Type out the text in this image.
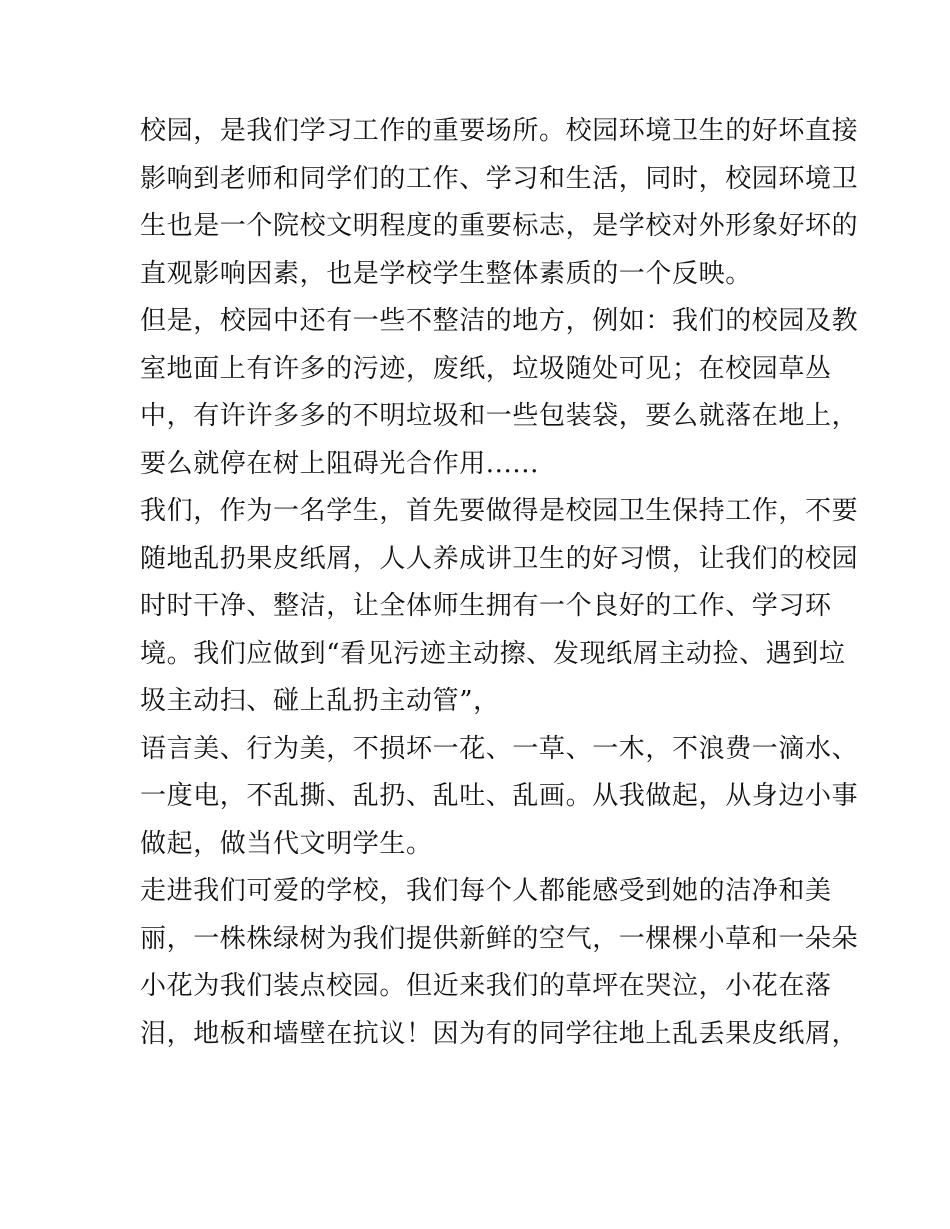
校园，是我们学习工作的重要场所。校园环境卫生的好坏直接
影响到老师和同学们的工作、学习和生活，同时，校园环境卫
生也是一个院校文明程度的重要标志，是学校对外形象好坏的
直观影响因素，也是学校学生整体素质的一个反映。
但是，校园中还有一些不整洁的地方，例如：我们的校园及教
室地面上有许多的污迹，废纸，垃圾随处可见；在校园草丛
中，有许许多多的不明垃圾和一些包装袋，要么就落在地上，
要么就停在树上阻碍光合作用......
我们，作为一名学生，首先要做得是校园卫生保持工作，不要
随地乱扔果皮纸屑，人人养成讲卫生的好习惯，让我们的校园
时时干净、整洁，让全体师生拥有一个良好的工作、学习环
境。我们应做到“看见污迹主动擦、发现纸屑主动捡、遇到垃
圾主动扫、碰上乱扔主动管”，
语言美、行为美，不损坏一花、一草、一木，不浪费一滴水、
一度电，不乱撕、乱扔、乱吐、乱画。从我做起，从身边小事
做起，做当代文明学生。
走进我们可爱的学校，我们每个人都能感受到她的洁净和美
丽，一株株绿树为我们提供新鲜的空气，一棵棵小草和一朵朵
小花为我们装点校园。但近来我们的草坪在哭泣，小花在落
泪，地板和墙壁在抗议！因为有的同学往地上乱丢果皮纸屑，
